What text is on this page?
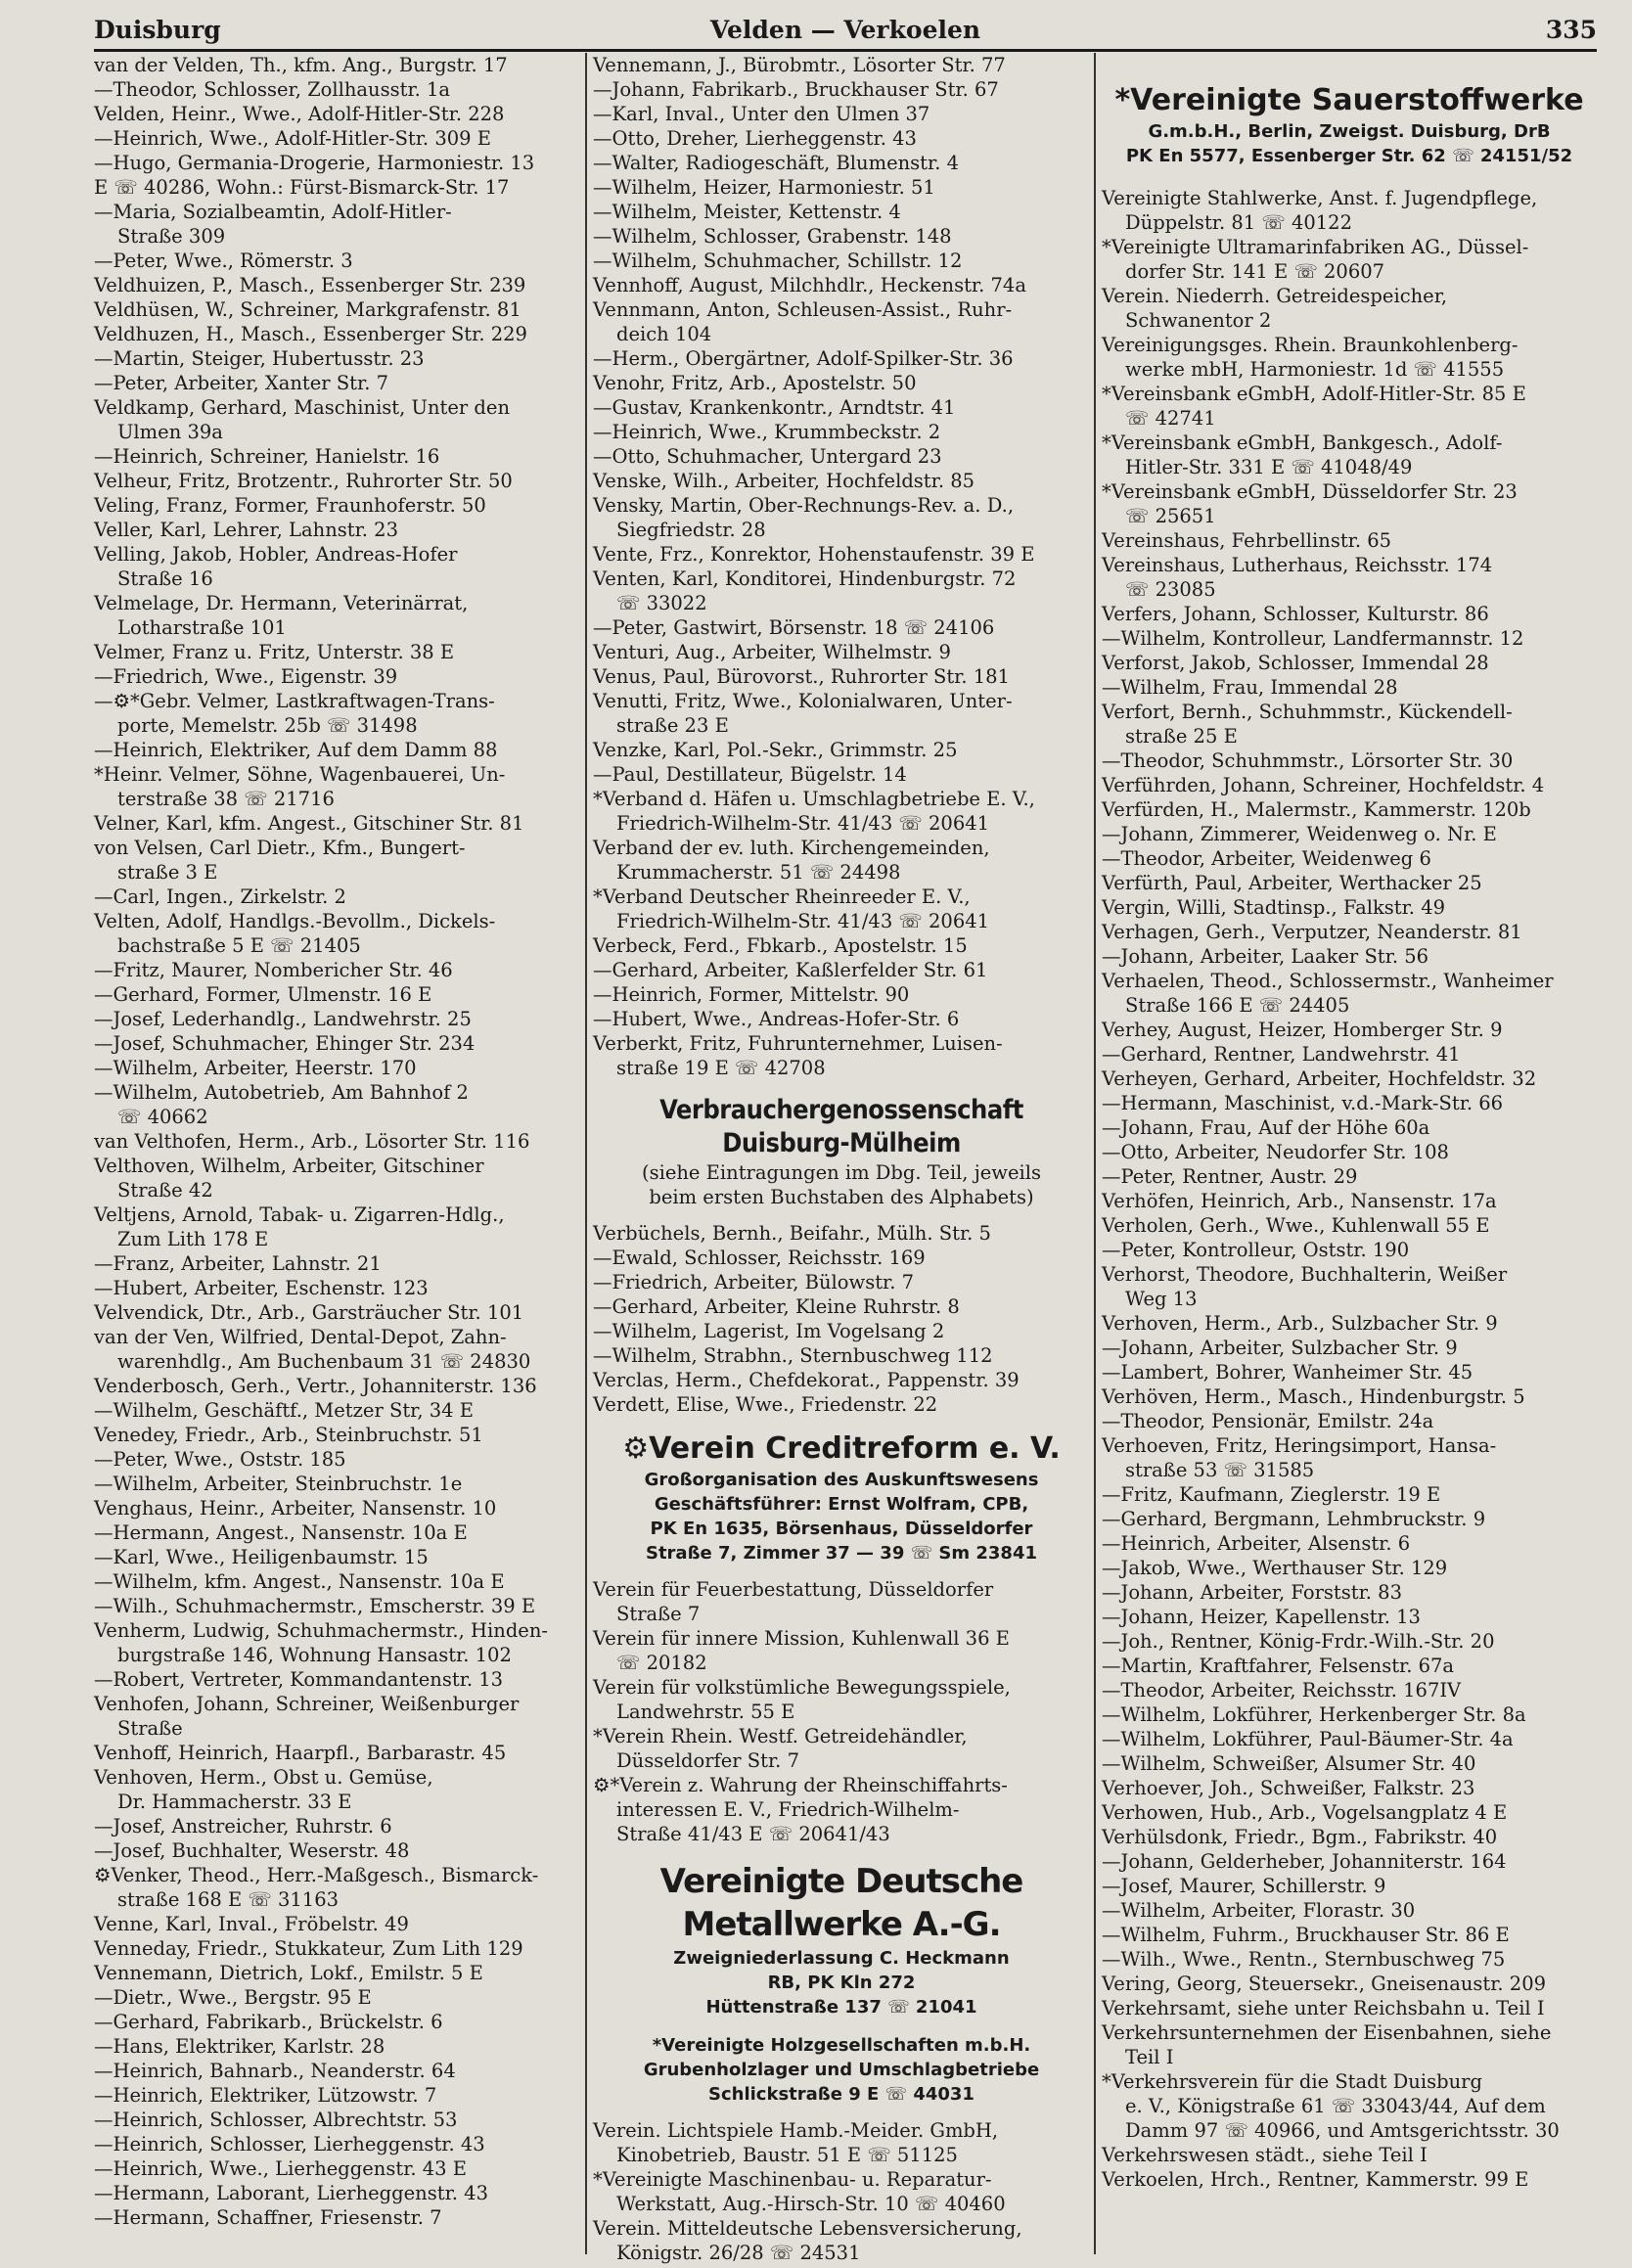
Duisburg	Velden — Verkoelen	335

van der Velden, Th., kfm. Ang., Burgstr. 17

—Theodor, Schlosser, Zollhausstr. 1a

Velden, Heinr., Wwe., Adolf-Hitler-Str. 228

—Heinrich, Wwe., Adolf-Hitler-Str. 309 E

—Hugo, Germania-Drogerie, Harmoniestr. 13

E ☏ 40286, Wohn.: Fürst-Bismarck-Str. 17

—Maria, Sozialbeamtin, Adolf-Hitler-
Straße 309

—Peter, Wwe., Römerstr. 3

Veldhuizen, P., Masch., Essenberger Str. 239

Veldhüsen, W., Schreiner, Markgrafenstr. 81

Veldhuzen, H., Masch., Essenberger Str. 229

—Martin, Steiger, Hubertusstr. 23

—Peter, Arbeiter, Xanter Str. 7

Veldkamp, Gerhard, Maschinist, Unter den
Ulmen 39a

—Heinrich, Schreiner, Hanielstr. 16

Velheur, Fritz, Brotzentr., Ruhrorter Str. 50

Veling, Franz, Former, Fraunhoferstr. 50

Veller, Karl, Lehrer, Lahnstr. 23

Velling, Jakob, Hobler, Andreas-Hofer
Straße 16

Velmelage, Dr. Hermann, Veterinärrat,
Lotharstraße 101

Velmer, Franz u. Fritz, Unterstr. 38 E

—Friedrich, Wwe., Eigenstr. 39

—⚙*Gebr. Velmer, Lastkraftwagen-Trans-
porte, Memelstr. 25b ☏ 31498

—Heinrich, Elektriker, Auf dem Damm 88

*Heinr. Velmer, Söhne, Wagenbauerei, Un-
terstraße 38 ☏ 21716

Velner, Karl, kfm. Angest., Gitschiner Str. 81

von Velsen, Carl Dietr., Kfm., Bungert-
straße 3 E

—Carl, Ingen., Zirkelstr. 2

Velten, Adolf, Handlgs.-Bevollm., Dickels-
bachstraße 5 E ☏ 21405

—Fritz, Maurer, Nombericher Str. 46

—Gerhard, Former, Ulmenstr. 16 E

—Josef, Lederhandlg., Landwehrstr. 25

—Josef, Schuhmacher, Ehinger Str. 234

—Wilhelm, Arbeiter, Heerstr. 170

—Wilhelm, Autobetrieb, Am Bahnhof 2
☏ 40662

van Velthofen, Herm., Arb., Lösorter Str. 116

Velthoven, Wilhelm, Arbeiter, Gitschiner
Straße 42

Veltjens, Arnold, Tabak- u. Zigarren-Hdlg.,
Zum Lith 178 E

—Franz, Arbeiter, Lahnstr. 21

—Hubert, Arbeiter, Eschenstr. 123

Velvendick, Dtr., Arb., Garsträucher Str. 101

van der Ven, Wilfried, Dental-Depot, Zahn-
warenhdlg., Am Buchenbaum 31 ☏ 24830

Venderbosch, Gerh., Vertr., Johanniterstr. 136

—Wilhelm, Geschäftf., Metzer Str, 34 E

Venedey, Friedr., Arb., Steinbruchstr. 51

—Peter, Wwe., Oststr. 185

—Wilhelm, Arbeiter, Steinbruchstr. 1e

Venghaus, Heinr., Arbeiter, Nansenstr. 10

—Hermann, Angest., Nansenstr. 10a E

—Karl, Wwe., Heiligenbaumstr. 15

—Wilhelm, kfm. Angest., Nansenstr. 10a E

—Wilh., Schuhmachermstr., Emscherstr. 39 E

Venherm, Ludwig, Schuhmachermstr., Hinden-
burgstraße 146, Wohnung Hansastr. 102

—Robert, Vertreter, Kommandantenstr. 13

Venhofen, Johann, Schreiner, Weißenburger
Straße

Venhoff, Heinrich, Haarpfl., Barbarastr. 45

Venhoven, Herm., Obst u. Gemüse,
Dr. Hammacherstr. 33 E

—Josef, Anstreicher, Ruhrstr. 6

—Josef, Buchhalter, Weserstr. 48

⚙Venker, Theod., Herr.-Maßgesch., Bismarck-
straße 168 E ☏ 31163

Venne, Karl, Inval., Fröbelstr. 49

Venneday, Friedr., Stukkateur, Zum Lith 129

Vennemann, Dietrich, Lokf., Emilstr. 5 E

—Dietr., Wwe., Bergstr. 95 E

—Gerhard, Fabrikarb., Brückelstr. 6

—Hans, Elektriker, Karlstr. 28

—Heinrich, Bahnarb., Neanderstr. 64

—Heinrich, Elektriker, Lützowstr. 7

—Heinrich, Schlosser, Albrechtstr. 53

—Heinrich, Schlosser, Lierheggenstr. 43

—Heinrich, Wwe., Lierheggenstr. 43 E

—Hermann, Laborant, Lierheggenstr. 43

—Hermann, Schaffner, Friesenstr. 7

Vennemann, J., Bürobmtr., Lösorter Str. 77

—Johann, Fabrikarb., Bruckhauser Str. 67

—Karl, Inval., Unter den Ulmen 37

—Otto, Dreher, Lierheggenstr. 43

—Walter, Radiogeschäft, Blumenstr. 4

—Wilhelm, Heizer, Harmoniestr. 51

—Wilhelm, Meister, Kettenstr. 4

—Wilhelm, Schlosser, Grabenstr. 148

—Wilhelm, Schuhmacher, Schillstr. 12

Vennhoff, August, Milchhdlr., Heckenstr. 74a

Vennmann, Anton, Schleusen-Assist., Ruhr-
deich 104

—Herm., Obergärtner, Adolf-Spilker-Str. 36

Venohr, Fritz, Arb., Apostelstr. 50

—Gustav, Krankenkontr., Arndtstr. 41

—Heinrich, Wwe., Krummbeckstr. 2

—Otto, Schuhmacher, Untergard 23

Venske, Wilh., Arbeiter, Hochfeldstr. 85

Vensky, Martin, Ober-Rechnungs-Rev. a. D.,
Siegfriedstr. 28

Vente, Frz., Konrektor, Hohenstaufenstr. 39 E

Venten, Karl, Konditorei, Hindenburgstr. 72
☏ 33022

—Peter, Gastwirt, Börsenstr. 18 ☏ 24106

Venturi, Aug., Arbeiter, Wilhelmstr. 9

Venus, Paul, Bürovorst., Ruhrorter Str. 181

Venutti, Fritz, Wwe., Kolonialwaren, Unter-
straße 23 E

Venzke, Karl, Pol.-Sekr., Grimmstr. 25

—Paul, Destillateur, Bügelstr. 14

*Verband d. Häfen u. Umschlagbetriebe E. V.,
Friedrich-Wilhelm-Str. 41/43 ☏ 20641

Verband der ev. luth. Kirchengemeinden,
Krummacherstr. 51 ☏ 24498

*Verband Deutscher Rheinreeder E. V.,
Friedrich-Wilhelm-Str. 41/43 ☏ 20641

Verbeck, Ferd., Fbkarb., Apostelstr. 15

—Gerhard, Arbeiter, Kaßlerfelder Str. 61

—Heinrich, Former, Mittelstr. 90

—Hubert, Wwe., Andreas-Hofer-Str. 6

Verberkt, Fritz, Fuhrunternehmer, Luisen-
straße 19 E ☏ 42708

Verbrauchergenossenschaft Duisburg-Mülheim
(siehe Eintragungen im Dbg. Teil, jeweils
beim ersten Buchstaben des Alphabets)

Verbüchels, Bernh., Beifahr., Mülh. Str. 5

—Ewald, Schlosser, Reichsstr. 169

—Friedrich, Arbeiter, Bülowstr. 7

—Gerhard, Arbeiter, Kleine Ruhrstr. 8

—Wilhelm, Lagerist, Im Vogelsang 2

—Wilhelm, Strabhn., Sternbuschweg 112

Verclas, Herm., Chefdekorat., Pappenstr. 39

Verdett, Elise, Wwe., Friedenstr. 22

⚙Verein Creditreform e. V.
Großorganisation des Auskunftswesens
Geschäftsführer: Ernst Wolfram, CPB,
PK En 1635, Börsenhaus, Düsseldorfer
Straße 7, Zimmer 37 — 39 ☏ Sm 23841

Verein für Feuerbestattung, Düsseldorfer
Straße 7

Verein für innere Mission, Kuhlenwall 36 E
☏ 20182

Verein für volkstümliche Bewegungsspiele,
Landwehrstr. 55 E

*Verein Rhein. Westf. Getreidehändler,
Düsseldorfer Str. 7

⚙*Verein z. Wahrung der Rheinschiffahrts-
interessen E. V., Friedrich-Wilhelm-
Straße 41/43 E ☏ 20641/43

Vereinigte Deutsche Metallwerke A.-G.
Zweigniederlassung C. Heckmann
RB, PK Kln 272
Hüttenstraße 137 ☏ 21041
*Vereinigte Holzgesellschaften m.b.H.
Grubenholzlager und Umschlagbetriebe
Schlickstraße 9 E ☏ 44031

Verein. Lichtspiele Hamb.-Meider. GmbH,
Kinobetrieb, Baustr. 51 E ☏ 51125

*Vereinigte Maschinenbau- u. Reparatur-
Werkstatt, Aug.-Hirsch-Str. 10 ☏ 40460

Verein. Mitteldeutsche Lebensversicherung,
Königstr. 26/28 ☏ 24531

*Vereinigte Sauerstoffwerke
G.m.b.H., Berlin, Zweigst. Duisburg, DrB
PK En 5577, Essenberger Str. 62 ☏ 24151/52

Vereinigte Stahlwerke, Anst. f. Jugendpflege,
Düppelstr. 81 ☏ 40122

*Vereinigte Ultramarinfabriken AG., Düssel-
dorfer Str. 141 E ☏ 20607

Verein. Niederrh. Getreidespeicher,
Schwanentor 2

Vereinigungsges. Rhein. Braunkohlenberg-
werke mbH, Harmoniestr. 1d ☏ 41555

*Vereinsbank eGmbH, Adolf-Hitler-Str. 85 E
☏ 42741

*Vereinsbank eGmbH, Bankgesch., Adolf-
Hitler-Str. 331 E ☏ 41048/49

*Vereinsbank eGmbH, Düsseldorfer Str. 23
☏ 25651

Vereinshaus, Fehrbellinstr. 65

Vereinshaus, Lutherhaus, Reichsstr. 174
☏ 23085

Verfers, Johann, Schlosser, Kulturstr. 86

—Wilhelm, Kontrolleur, Landfermannstr. 12

Verforst, Jakob, Schlosser, Immendal 28

—Wilhelm, Frau, Immendal 28

Verfort, Bernh., Schuhmmstr., Kückendell-
straße 25 E

—Theodor, Schuhmmstr., Lörsorter Str. 30

Verführden, Johann, Schreiner, Hochfeldstr. 4

Verfürden, H., Malermstr., Kammerstr. 120b

—Johann, Zimmerer, Weidenweg o. Nr. E

—Theodor, Arbeiter, Weidenweg 6

Verfürth, Paul, Arbeiter, Werthacker 25

Vergin, Willi, Stadtinsp., Falkstr. 49

Verhagen, Gerh., Verputzer, Neanderstr. 81

—Johann, Arbeiter, Laaker Str. 56

Verhaelen, Theod., Schlossermstr., Wanheimer
Straße 166 E ☏ 24405

Verhey, August, Heizer, Homberger Str. 9

—Gerhard, Rentner, Landwehrstr. 41

Verheyen, Gerhard, Arbeiter, Hochfeldstr. 32

—Hermann, Maschinist, v.d.-Mark-Str. 66

—Johann, Frau, Auf der Höhe 60a

—Otto, Arbeiter, Neudorfer Str. 108

—Peter, Rentner, Austr. 29

Verhöfen, Heinrich, Arb., Nansenstr. 17a

Verholen, Gerh., Wwe., Kuhlenwall 55 E

—Peter, Kontrolleur, Oststr. 190

Verhorst, Theodore, Buchhalterin, Weißer
Weg 13

Verhoven, Herm., Arb., Sulzbacher Str. 9

—Johann, Arbeiter, Sulzbacher Str. 9

—Lambert, Bohrer, Wanheimer Str. 45

Verhöven, Herm., Masch., Hindenburgstr. 5

—Theodor, Pensionär, Emilstr. 24a

Verhoeven, Fritz, Heringsimport, Hansa-
straße 53 ☏ 31585

—Fritz, Kaufmann, Zieglerstr. 19 E

—Gerhard, Bergmann, Lehmbruckstr. 9

—Heinrich, Arbeiter, Alsenstr. 6

—Jakob, Wwe., Werthauser Str. 129

—Johann, Arbeiter, Forststr. 83

—Johann, Heizer, Kapellenstr. 13

—Joh., Rentner, König-Frdr.-Wilh.-Str. 20

—Martin, Kraftfahrer, Felsenstr. 67a

—Theodor, Arbeiter, Reichsstr. 167IV

—Wilhelm, Lokführer, Herkenberger Str. 8a

—Wilhelm, Lokführer, Paul-Bäumer-Str. 4a

—Wilhelm, Schweißer, Alsumer Str. 40

Verhoever, Joh., Schweißer, Falkstr. 23

Verhowen, Hub., Arb., Vogelsangplatz 4 E

Verhülsdonk, Friedr., Bgm., Fabrikstr. 40

—Johann, Gelderheber, Johanniterstr. 164

—Josef, Maurer, Schillerstr. 9

—Wilhelm, Arbeiter, Florastr. 30

—Wilhelm, Fuhrm., Bruckhauser Str. 86 E

—Wilh., Wwe., Rentn., Sternbuschweg 75

Vering, Georg, Steuersekr., Gneisenaustr. 209

Verkehrsamt, siehe unter Reichsbahn u. Teil I

Verkehrsunternehmen der Eisenbahnen, siehe
Teil I

*Verkehrsverein für die Stadt Duisburg
e. V., Königstraße 61 ☏ 33043/44, Auf dem
Damm 97 ☏ 40966, und Amtsgerichtsstr. 30

Verkehrswesen städt., siehe Teil I

Verkoelen, Hrch., Rentner, Kammerstr. 99 E
